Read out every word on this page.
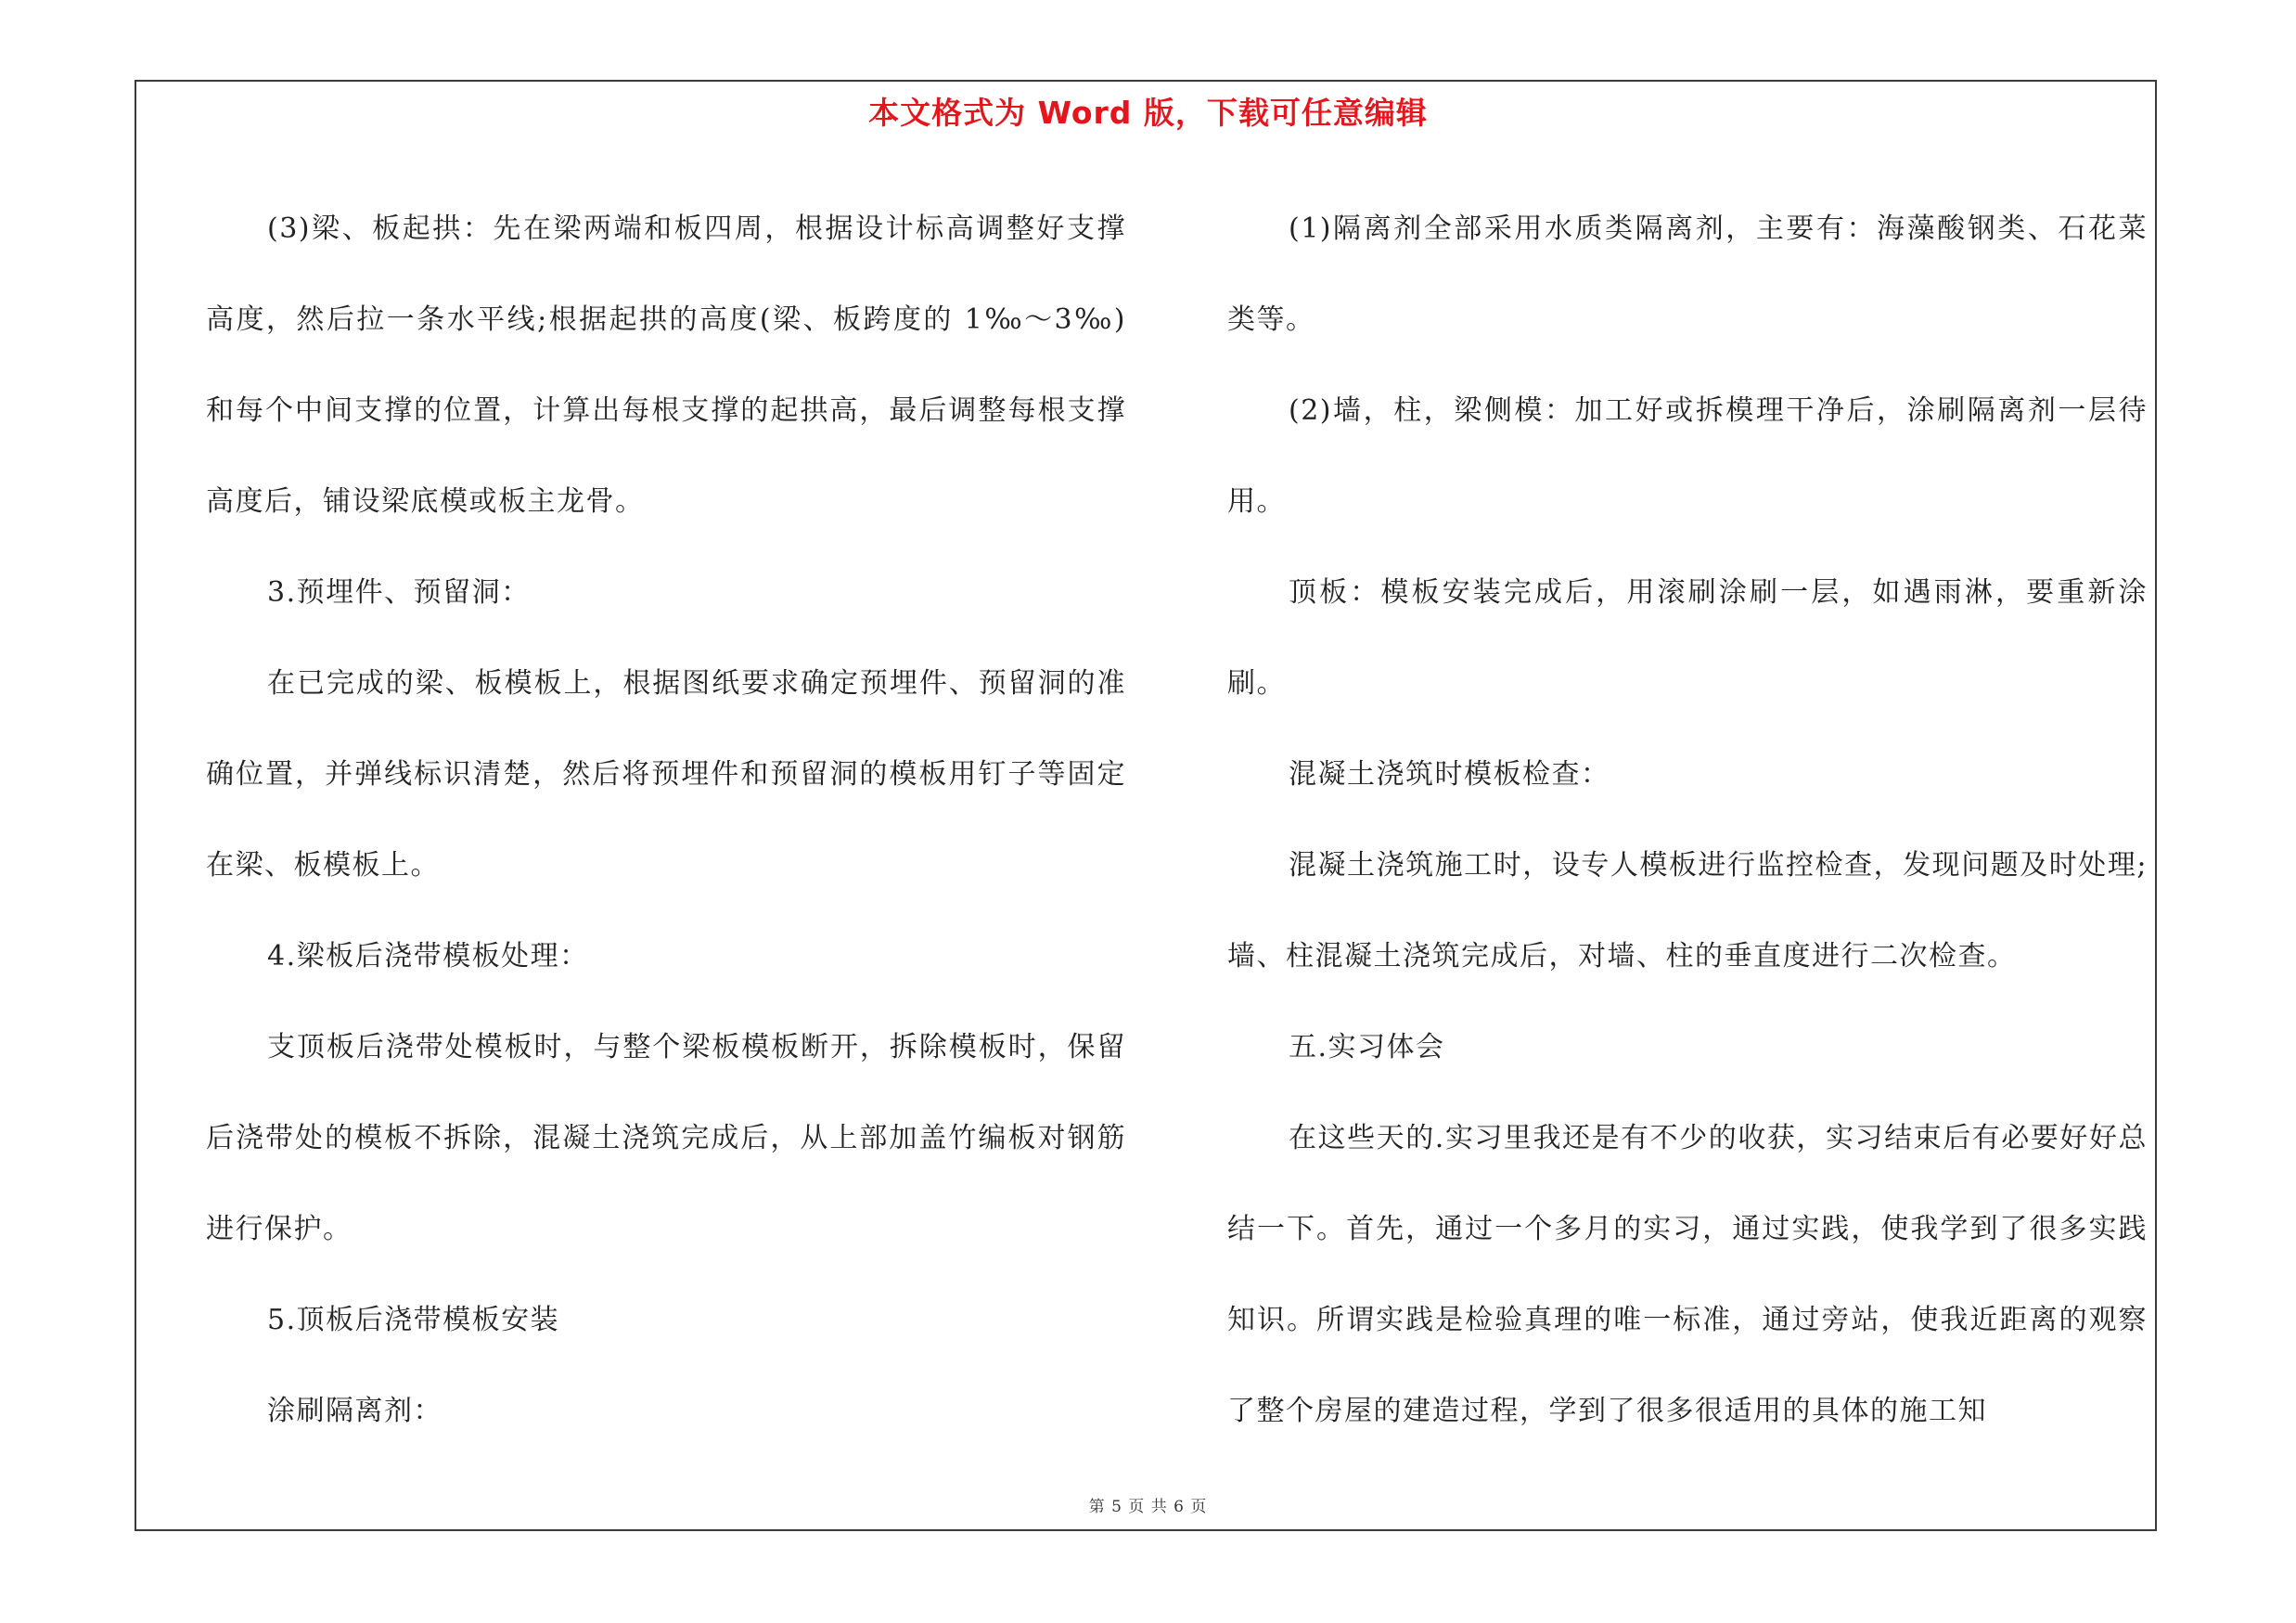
本文格式为 Word 版，下载可任意编辑

(3)梁、板起拱：先在梁两端和板四周，根据设计标高调整好支撑高度，然后拉一条水平线;根据起拱的高度(梁、板跨度的 1‰～3‰)和每个中间支撑的位置，计算出每根支撑的起拱高，最后调整每根支撑高度后，铺设梁底模或板主龙骨。

3.预埋件、预留洞：

在已完成的梁、板模板上，根据图纸要求确定预埋件、预留洞的准确位置，并弹线标识清楚，然后将预埋件和预留洞的模板用钉子等固定在梁、板模板上。

4.梁板后浇带模板处理：

支顶板后浇带处模板时，与整个梁板模板断开，拆除模板时，保留后浇带处的模板不拆除，混凝土浇筑完成后，从上部加盖竹编板对钢筋进行保护。

5.顶板后浇带模板安装

涂刷隔离剂：

(1)隔离剂全部采用水质类隔离剂，主要有：海藻酸钢类、石花菜类等。

(2)墙，柱，梁侧模：加工好或拆模理干净后，涂刷隔离剂一层待用。

顶板：模板安装完成后，用滚刷涂刷一层，如遇雨淋，要重新涂刷。

混凝土浇筑时模板检查：

混凝土浇筑施工时，设专人模板进行监控检查，发现问题及时处理;墙、柱混凝土浇筑完成后，对墙、柱的垂直度进行二次检查。

五.实习体会

在这些天的.实习里我还是有不少的收获，实习结束后有必要好好总结一下。首先，通过一个多月的实习，通过实践，使我学到了很多实践知识。所谓实践是检验真理的唯一标准，通过旁站，使我近距离的观察了整个房屋的建造过程，学到了很多很适用的具体的施工知

第 5 页 共 6 页
